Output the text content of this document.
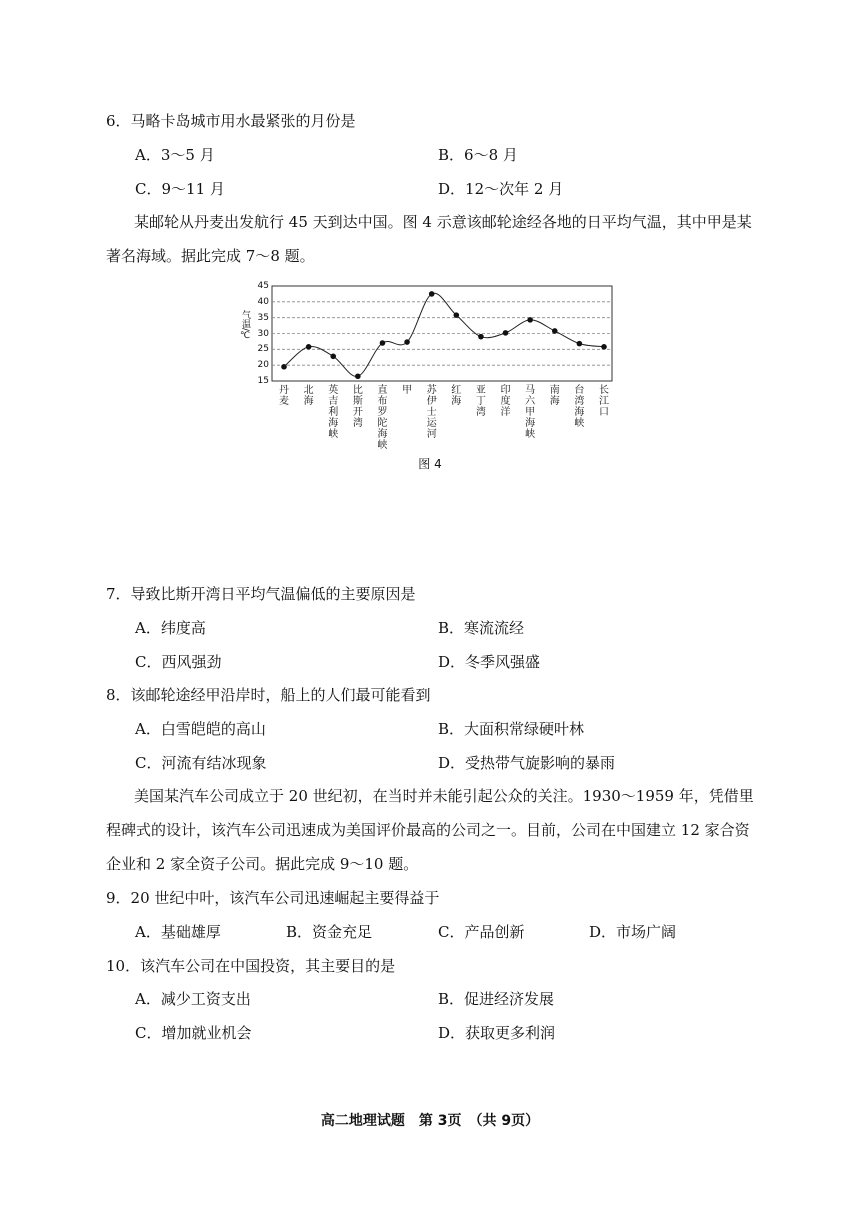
6．马略卡岛城市用水最紧张的月份是
A．3～5 月	B．6～8 月
C．9～11 月	D．12～次年 2 月
某邮轮从丹麦出发航行 45 天到达中国。图 4 示意该邮轮途经各地的日平均气温，其中甲是某著名海域。据此完成 7～8 题。
气温/℃
15
20
25
30
35
40
45
丹麦
北海
英吉利海峡
比斯开湾
直布罗陀海峡
甲 苏伊士运河
红海
亚丁湾
印度洋
马六甲海峡
南海
台湾海峡
长江口
图 4
7．导致比斯开湾日平均气温偏低的主要原因是
A．纬度高	B．寒流流经
C．西风强劲	D．冬季风强盛
8．该邮轮途经甲沿岸时，船上的人们最可能看到
A．白雪皑皑的高山	B．大面积常绿硬叶林
C．河流有结冰现象	D．受热带气旋影响的暴雨
美国某汽车公司成立于 20 世纪初，在当时并未能引起公众的关注。1930～1959 年，凭借里程碑式的设计，该汽车公司迅速成为美国评价最高的公司之一。目前，公司在中国建立 12 家合资企业和 2 家全资子公司。据此完成 9～10 题。
9．20 世纪中叶，该汽车公司迅速崛起主要得益于
A．基础雄厚	B．资金充足	C．产品创新	D．市场广阔
10．该汽车公司在中国投资，其主要目的是
A．减少工资支出	B．促进经济发展
C．增加就业机会	D．获取更多利润
高二地理试题　第 3页　（共 9页）
